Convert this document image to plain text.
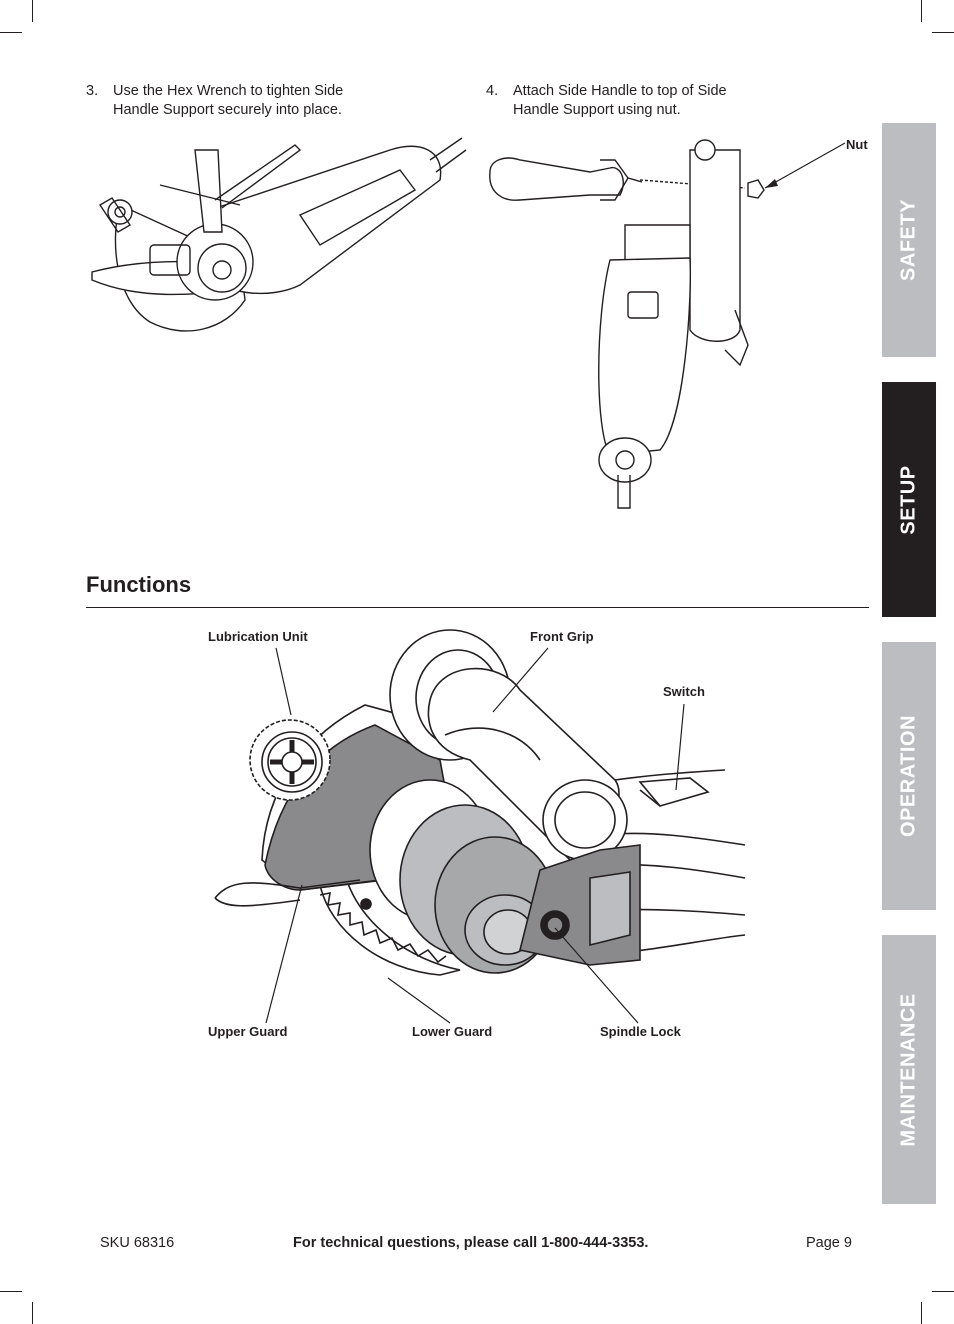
3. Use the Hex Wrench to tighten Side Handle Support securely into place.
4. Attach Side Handle to top of Side Handle Support using nut.
Nut
Functions
Lubrication Unit	Front Grip
Switch
Upper Guard	Lower Guard	Spindle Lock
SAFETY
SETUP
OPERATION
MAINTENANCE
SKU 68316	For technical questions, please call 1-800-444-3353.	Page 9
